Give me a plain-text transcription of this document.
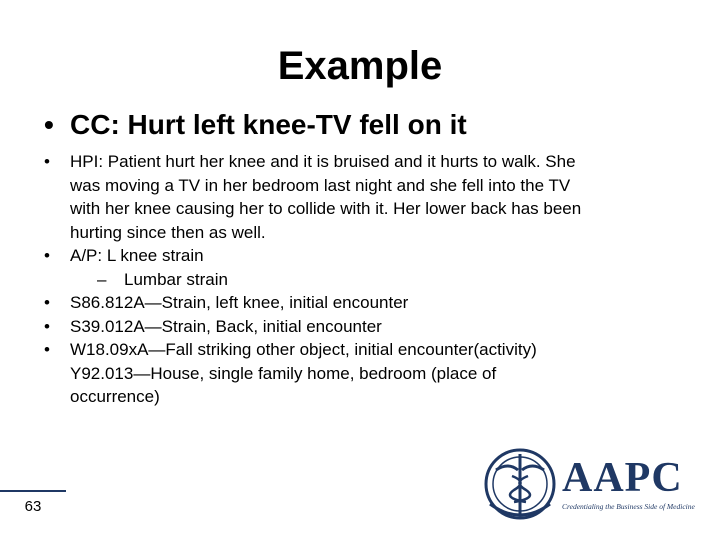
Example
• CC: Hurt left knee-TV fell on it
•	HPI: Patient hurt her knee and it is bruised and it hurts to walk. She
was moving a TV in her bedroom last night and she fell into the TV
with her knee causing her to collide with it. Her lower back has been
hurting since then as well.
•	A/P: L knee strain
–	Lumbar strain
•	S86.812A—Strain, left knee, initial encounter
•	S39.012A—Strain, Back, initial encounter
•	W18.09xA—Fall striking other object, initial encounter(activity)
Y92.013—House, single family home, bedroom (place of
occurrence)
63
AAPC
Credentialing the Business Side of Medicine
